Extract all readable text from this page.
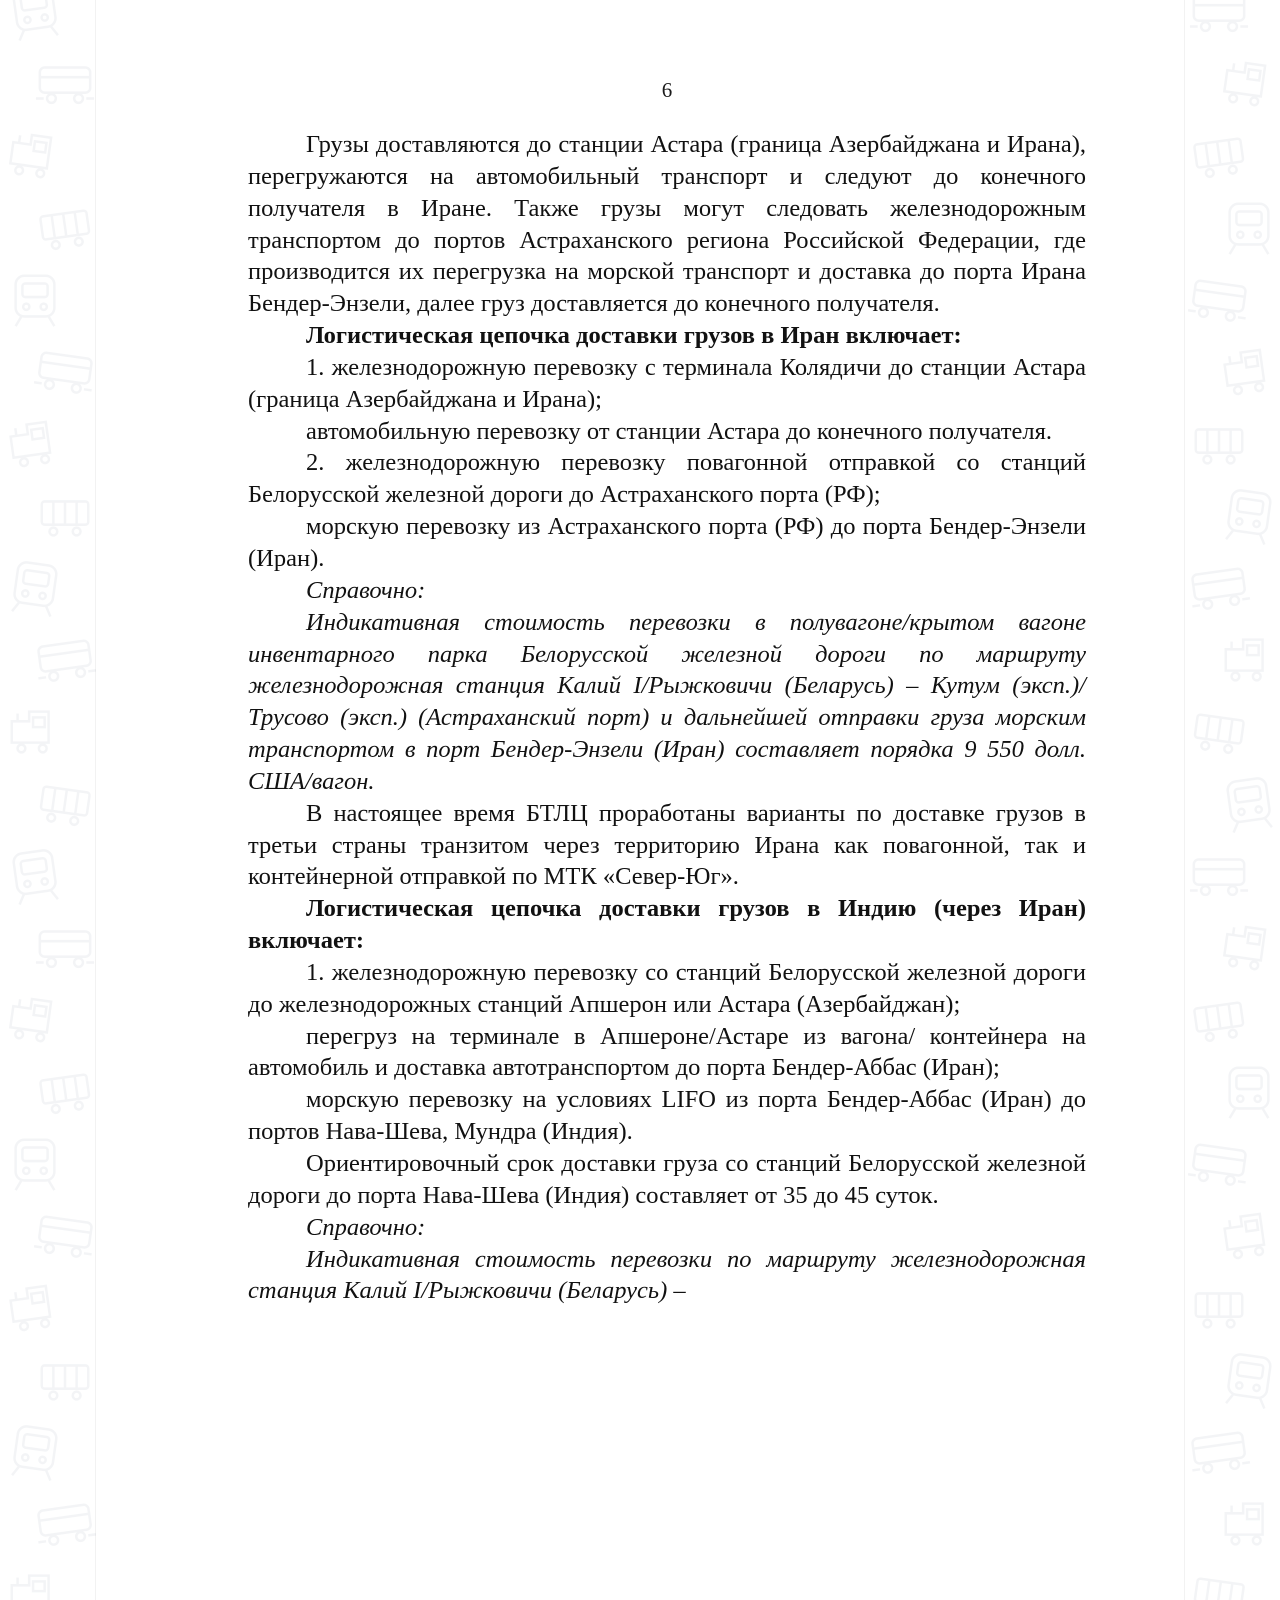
6

Грузы доставляются до станции Астара (граница Азербайджана и Ирана), перегружаются на автомобильный транспорт и следуют до конечного получателя в Иране. Также грузы могут следовать железнодорожным транспортом до портов Астраханского региона Российской Федерации, где производится их перегрузка на морской транспорт и доставка до порта Ирана Бендер-Энзели, далее груз доставляется до конечного получателя.

Логистическая цепочка доставки грузов в Иран включает:

1. железнодорожную перевозку с терминала Колядичи до станции Астара (граница Азербайджана и Ирана);

автомобильную перевозку от станции Астара до конечного получателя.

2. железнодорожную перевозку повагонной отправкой со станций Белорусской железной дороги до Астраханского порта (РФ);

морскую перевозку из Астраханского порта (РФ) до порта Бендер-Энзели (Иран).

Справочно:

Индикативная стоимость перевозки в полувагоне/крытом вагоне инвентарного парка Белорусской железной дороги по маршруту железнодорожная станция Калий I/Рыжковичи (Беларусь) – Кутум (эксп.)/Трусово (эксп.) (Астраханский порт) и дальнейшей отправки груза морским транспортом в порт Бендер-Энзели (Иран) составляет порядка 9 550 долл. США/вагон.

В настоящее время БТЛЦ проработаны варианты по доставке грузов в третьи страны транзитом через территорию Ирана как повагонной, так и контейнерной отправкой по МТК «Север-Юг».

Логистическая цепочка доставки грузов в Индию (через Иран) включает:

1. железнодорожную перевозку со станций Белорусской железной дороги до железнодорожных станций Апшерон или Астара (Азербайджан);

перегруз на терминале в Апшероне/Астаре из вагона/ контейнера на автомобиль и доставка автотранспортом до порта Бендер-Аббас (Иран);

морскую перевозку на условиях LIFO из порта Бендер-Аббас (Иран) до портов Нава-Шева, Мундра (Индия).

Ориентировочный срок доставки груза со станций Белорусской железной дороги до порта Нава-Шева (Индия) составляет от 35 до 45 суток.

Справочно:

Индикативная стоимость перевозки по маршруту железнодорожная станция Калий I/Рыжковичи (Беларусь) –
